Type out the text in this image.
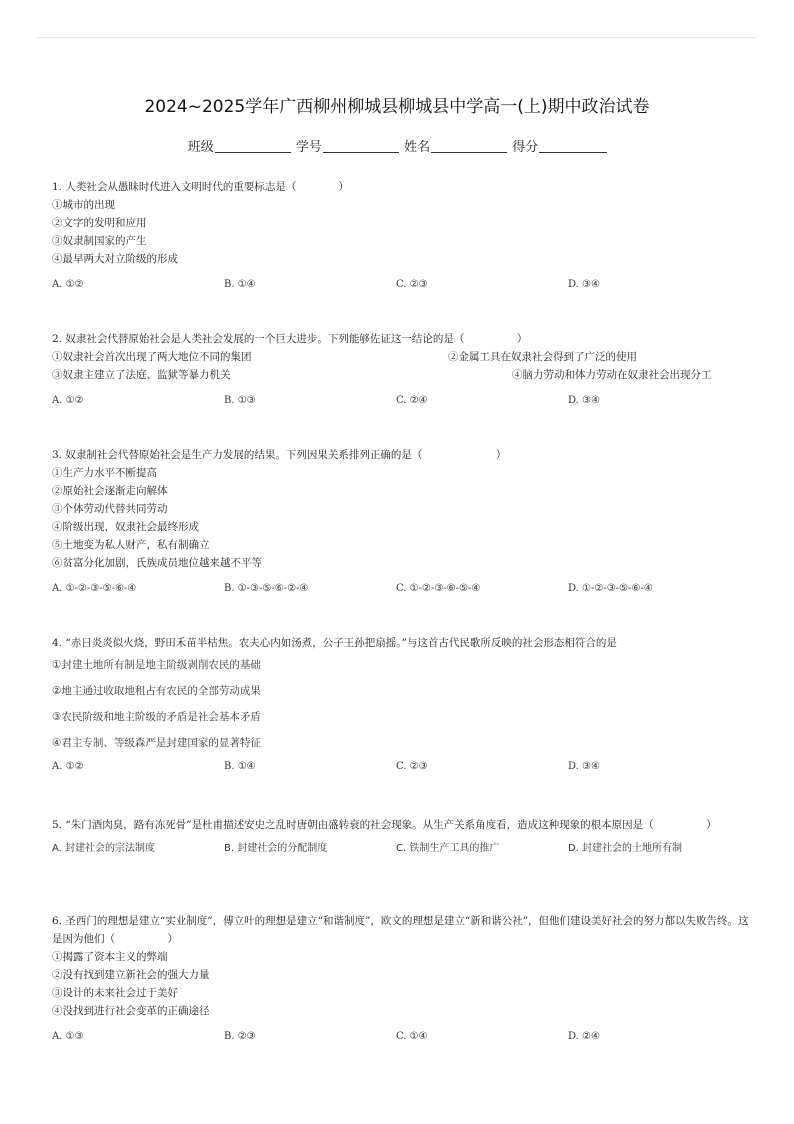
2024~2025学年广西柳州柳城县柳城县中学高一(上)期中政治试卷
班级	学号	姓名	得分
1. 人类社会从愚昧时代进入文明时代的重要标志是（　　　　）
①城市的出现
②文字的发明和应用
③奴隶制国家的产生
④最早两大对立阶级的形成
A. ①②	B. ①④	C. ②③	D. ③④
2. 奴隶社会代替原始社会是人类社会发展的一个巨大进步。下列能够佐证这一结论的是（　　　　　）
①奴隶社会首次出现了两大地位不同的集团	②金属工具在奴隶社会得到了广泛的使用
③奴隶主建立了法庭、监狱等暴力机关	④脑力劳动和体力劳动在奴隶社会出现分工
A. ①②	B. ①③	C. ②④	D. ③④
3. 奴隶制社会代替原始社会是生产力发展的结果。下列因果关系排列正确的是（　　　　　　　）
①生产力水平不断提高
②原始社会逐渐走向解体
③个体劳动代替共同劳动
④阶级出现，奴隶社会最终形成
⑤土地变为私人财产，私有制确立
⑥贫富分化加剧，氏族成员地位越来越不平等
A. ①-②-③-⑤-⑥-④	B. ①-③-⑤-⑥-②-④	C. ①-②-③-⑥-⑤-④	D. ①-②-③-⑤-⑥-④
4. “赤日炎炎似火烧，野田禾苗半枯焦。农夫心内如汤煮，公子王孙把扇摇。”与这首古代民歌所反映的社会形态相符合的是
①封建土地所有制是地主阶级剥削农民的基础
②地主通过收取地租占有农民的全部劳动成果
③农民阶级和地主阶级的矛盾是社会基本矛盾
④君主专制、等级森严是封建国家的显著特征
A. ①②	B. ①④	C. ②③	D. ③④
5. “朱门酒肉臭，路有冻死骨”是杜甫描述安史之乱时唐朝由盛转衰的社会现象。从生产关系角度看，造成这种现象的根本原因是（　　　　　）
A. 封建社会的宗法制度	B. 封建社会的分配制度	C. 铁制生产工具的推广	D. 封建社会的土地所有制
6. 圣西门的理想是建立“实业制度”，傅立叶的理想是建立“和谐制度”，欧文的理想是建立“新和谐公社”，但他们建设美好社会的努力都以失败告终。这是因为他们（　　　　　）
①揭露了资本主义的弊端
②没有找到建立新社会的强大力量
③设计的未来社会过于美好
④没找到进行社会变革的正确途径
A. ①③	B. ②③	C. ①④	D. ②④
